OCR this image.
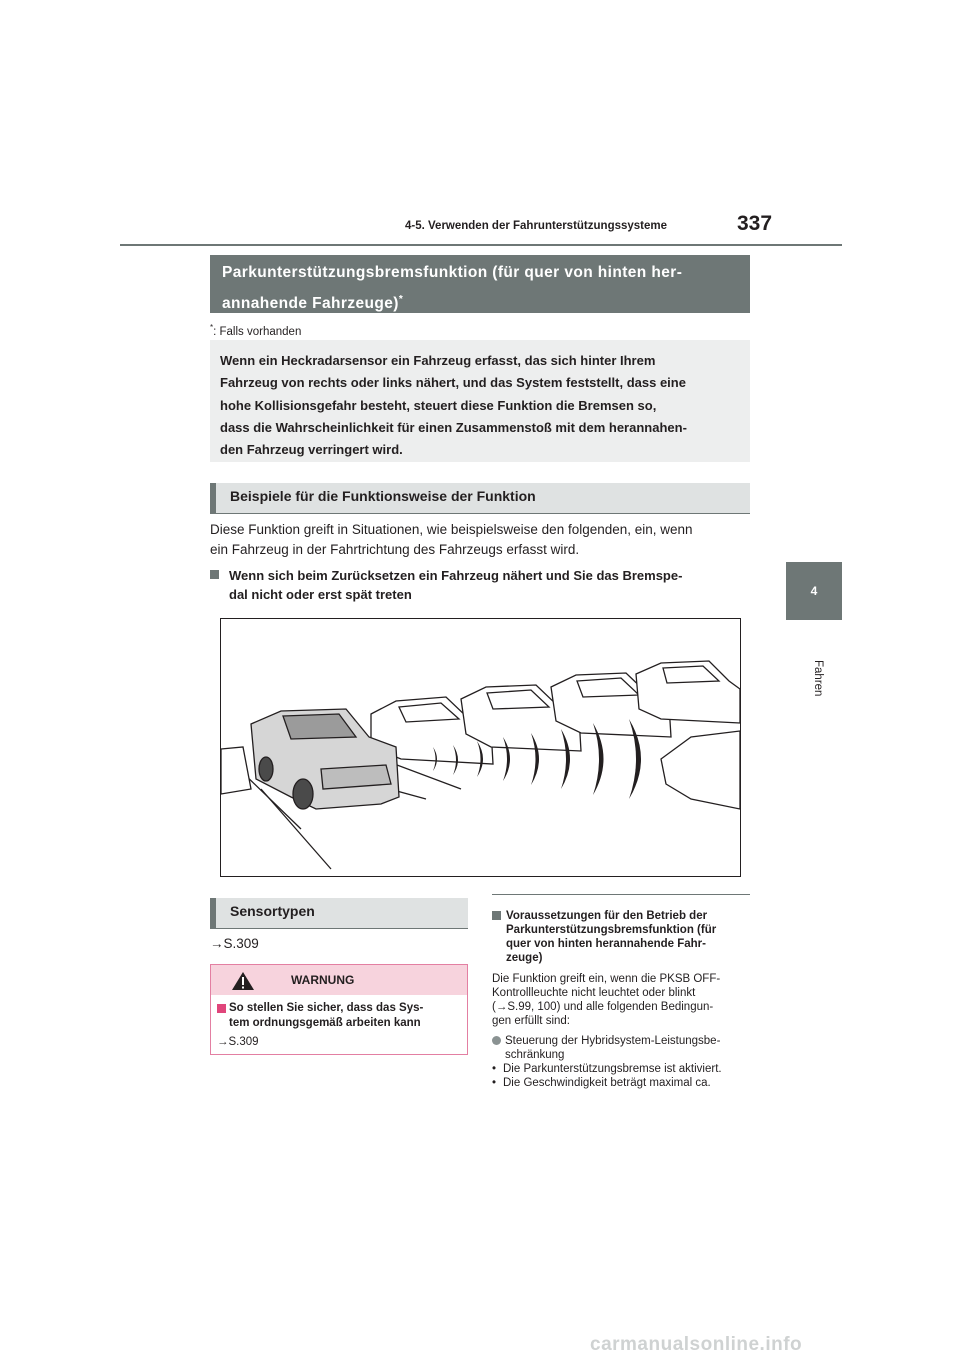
4-5. Verwenden der Fahrunterstützungssysteme	337
4
Fahren
Parkunterstützungsbremsfunktion (für quer von hinten her-
annahende Fahrzeuge)*
*: Falls vorhanden
Wenn ein Heckradarsensor ein Fahrzeug erfasst, das sich hinter Ihrem
Fahrzeug von rechts oder links nähert, und das System feststellt, dass eine
hohe Kollisionsgefahr besteht, steuert diese Funktion die Bremsen so,
dass die Wahrscheinlichkeit für einen Zusammenstoß mit dem herannahen-
den Fahrzeug verringert wird.
Beispiele für die Funktionsweise der Funktion
Diese Funktion greift in Situationen, wie beispielsweise den folgenden, ein, wenn
ein Fahrzeug in der Fahrtrichtung des Fahrzeugs erfasst wird.
Wenn sich beim Zurücksetzen ein Fahrzeug nähert und Sie das Bremspe-
dal nicht oder erst spät treten
Sensortypen
→S.309
WARNUNG
So stellen Sie sicher, dass das Sys-
tem ordnungsgemäß arbeiten kann
→S.309
Voraussetzungen für den Betrieb der
Parkunterstützungsbremsfunktion (für
quer von hinten herannahende Fahr-
zeuge)
Die Funktion greift ein, wenn die PKSB OFF-
Kontrollleuchte nicht leuchtet oder blinkt
(→S.99, 100) und alle folgenden Bedingun-
gen erfüllt sind:
Steuerung der Hybridsystem-Leistungsbe-
schränkung
• Die Parkunterstützungsbremse ist aktiviert.
• Die Geschwindigkeit beträgt maximal ca.
carmanualsonline.info
